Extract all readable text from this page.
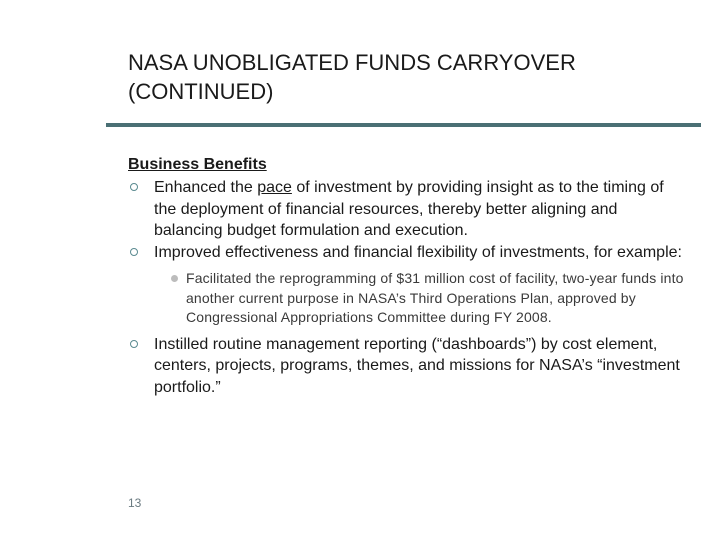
NASA UNOBLIGATED FUNDS CARRYOVER (CONTINUED)
Business Benefits
Enhanced the pace of investment by providing insight as to the timing of the deployment of financial resources, thereby better aligning and balancing budget formulation and execution.
Improved effectiveness and financial flexibility of investments, for example:
Facilitated the reprogramming of $31 million cost of facility, two-year funds into another current purpose in NASA’s Third Operations Plan, approved by Congressional Appropriations Committee during FY 2008.
Instilled routine management reporting (“dashboards”) by cost element, centers, projects, programs, themes, and missions for NASA’s “investment portfolio.”
13
